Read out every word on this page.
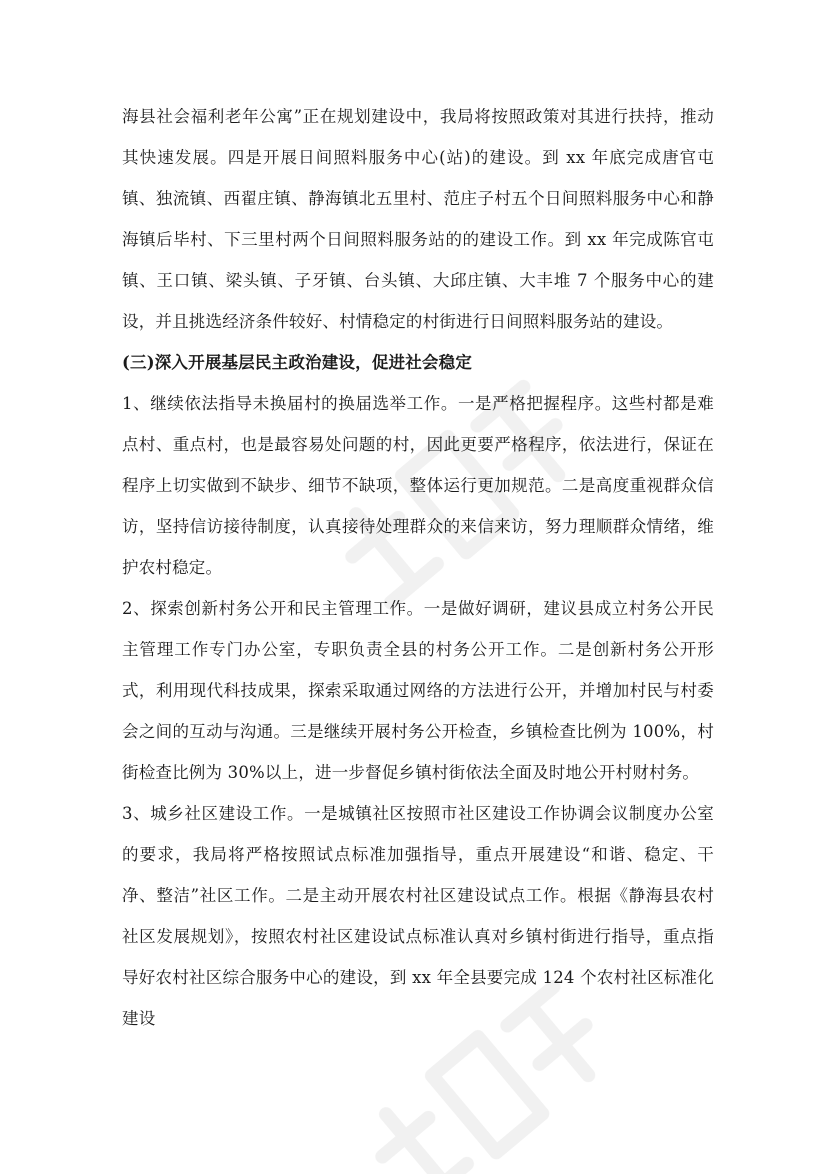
海县社会福利老年公寓”正在规划建设中，我局将按照政策对其进行扶持，推动其快速发展。四是开展日间照料服务中心(站)的建设。到 xx 年底完成唐官屯镇、独流镇、西翟庄镇、静海镇北五里村、范庄子村五个日间照料服务中心和静海镇后毕村、下三里村两个日间照料服务站的的建设工作。到 xx 年完成陈官屯镇、王口镇、梁头镇、子牙镇、台头镇、大邱庄镇、大丰堆 7 个服务中心的建设，并且挑选经济条件较好、村情稳定的村街进行日间照料服务站的建设。

(三)深入开展基层民主政治建设，促进社会稳定

1、继续依法指导未换届村的换届选举工作。一是严格把握程序。这些村都是难点村、重点村，也是最容易处问题的村，因此更要严格程序，依法进行，保证在程序上切实做到不缺步、细节不缺项，整体运行更加规范。二是高度重视群众信访，坚持信访接待制度，认真接待处理群众的来信来访，努力理顺群众情绪，维护农村稳定。

2、探索创新村务公开和民主管理工作。一是做好调研，建议县成立村务公开民主管理工作专门办公室，专职负责全县的村务公开工作。二是创新村务公开形式，利用现代科技成果，探索采取通过网络的方法进行公开，并增加村民与村委会之间的互动与沟通。三是继续开展村务公开检查，乡镇检查比例为 100%，村街检查比例为 30%以上，进一步督促乡镇村街依法全面及时地公开村财村务。

3、城乡社区建设工作。一是城镇社区按照市社区建设工作协调会议制度办公室的要求，我局将严格按照试点标准加强指导，重点开展建设“和谐、稳定、干净、整洁”社区工作。二是主动开展农村社区建设试点工作。根据《静海县农村社区发展规划》，按照农村社区建设试点标准认真对乡镇村街进行指导，重点指导好农村社区综合服务中心的建设，到 xx 年全县要完成 124 个农村社区标准化建设
